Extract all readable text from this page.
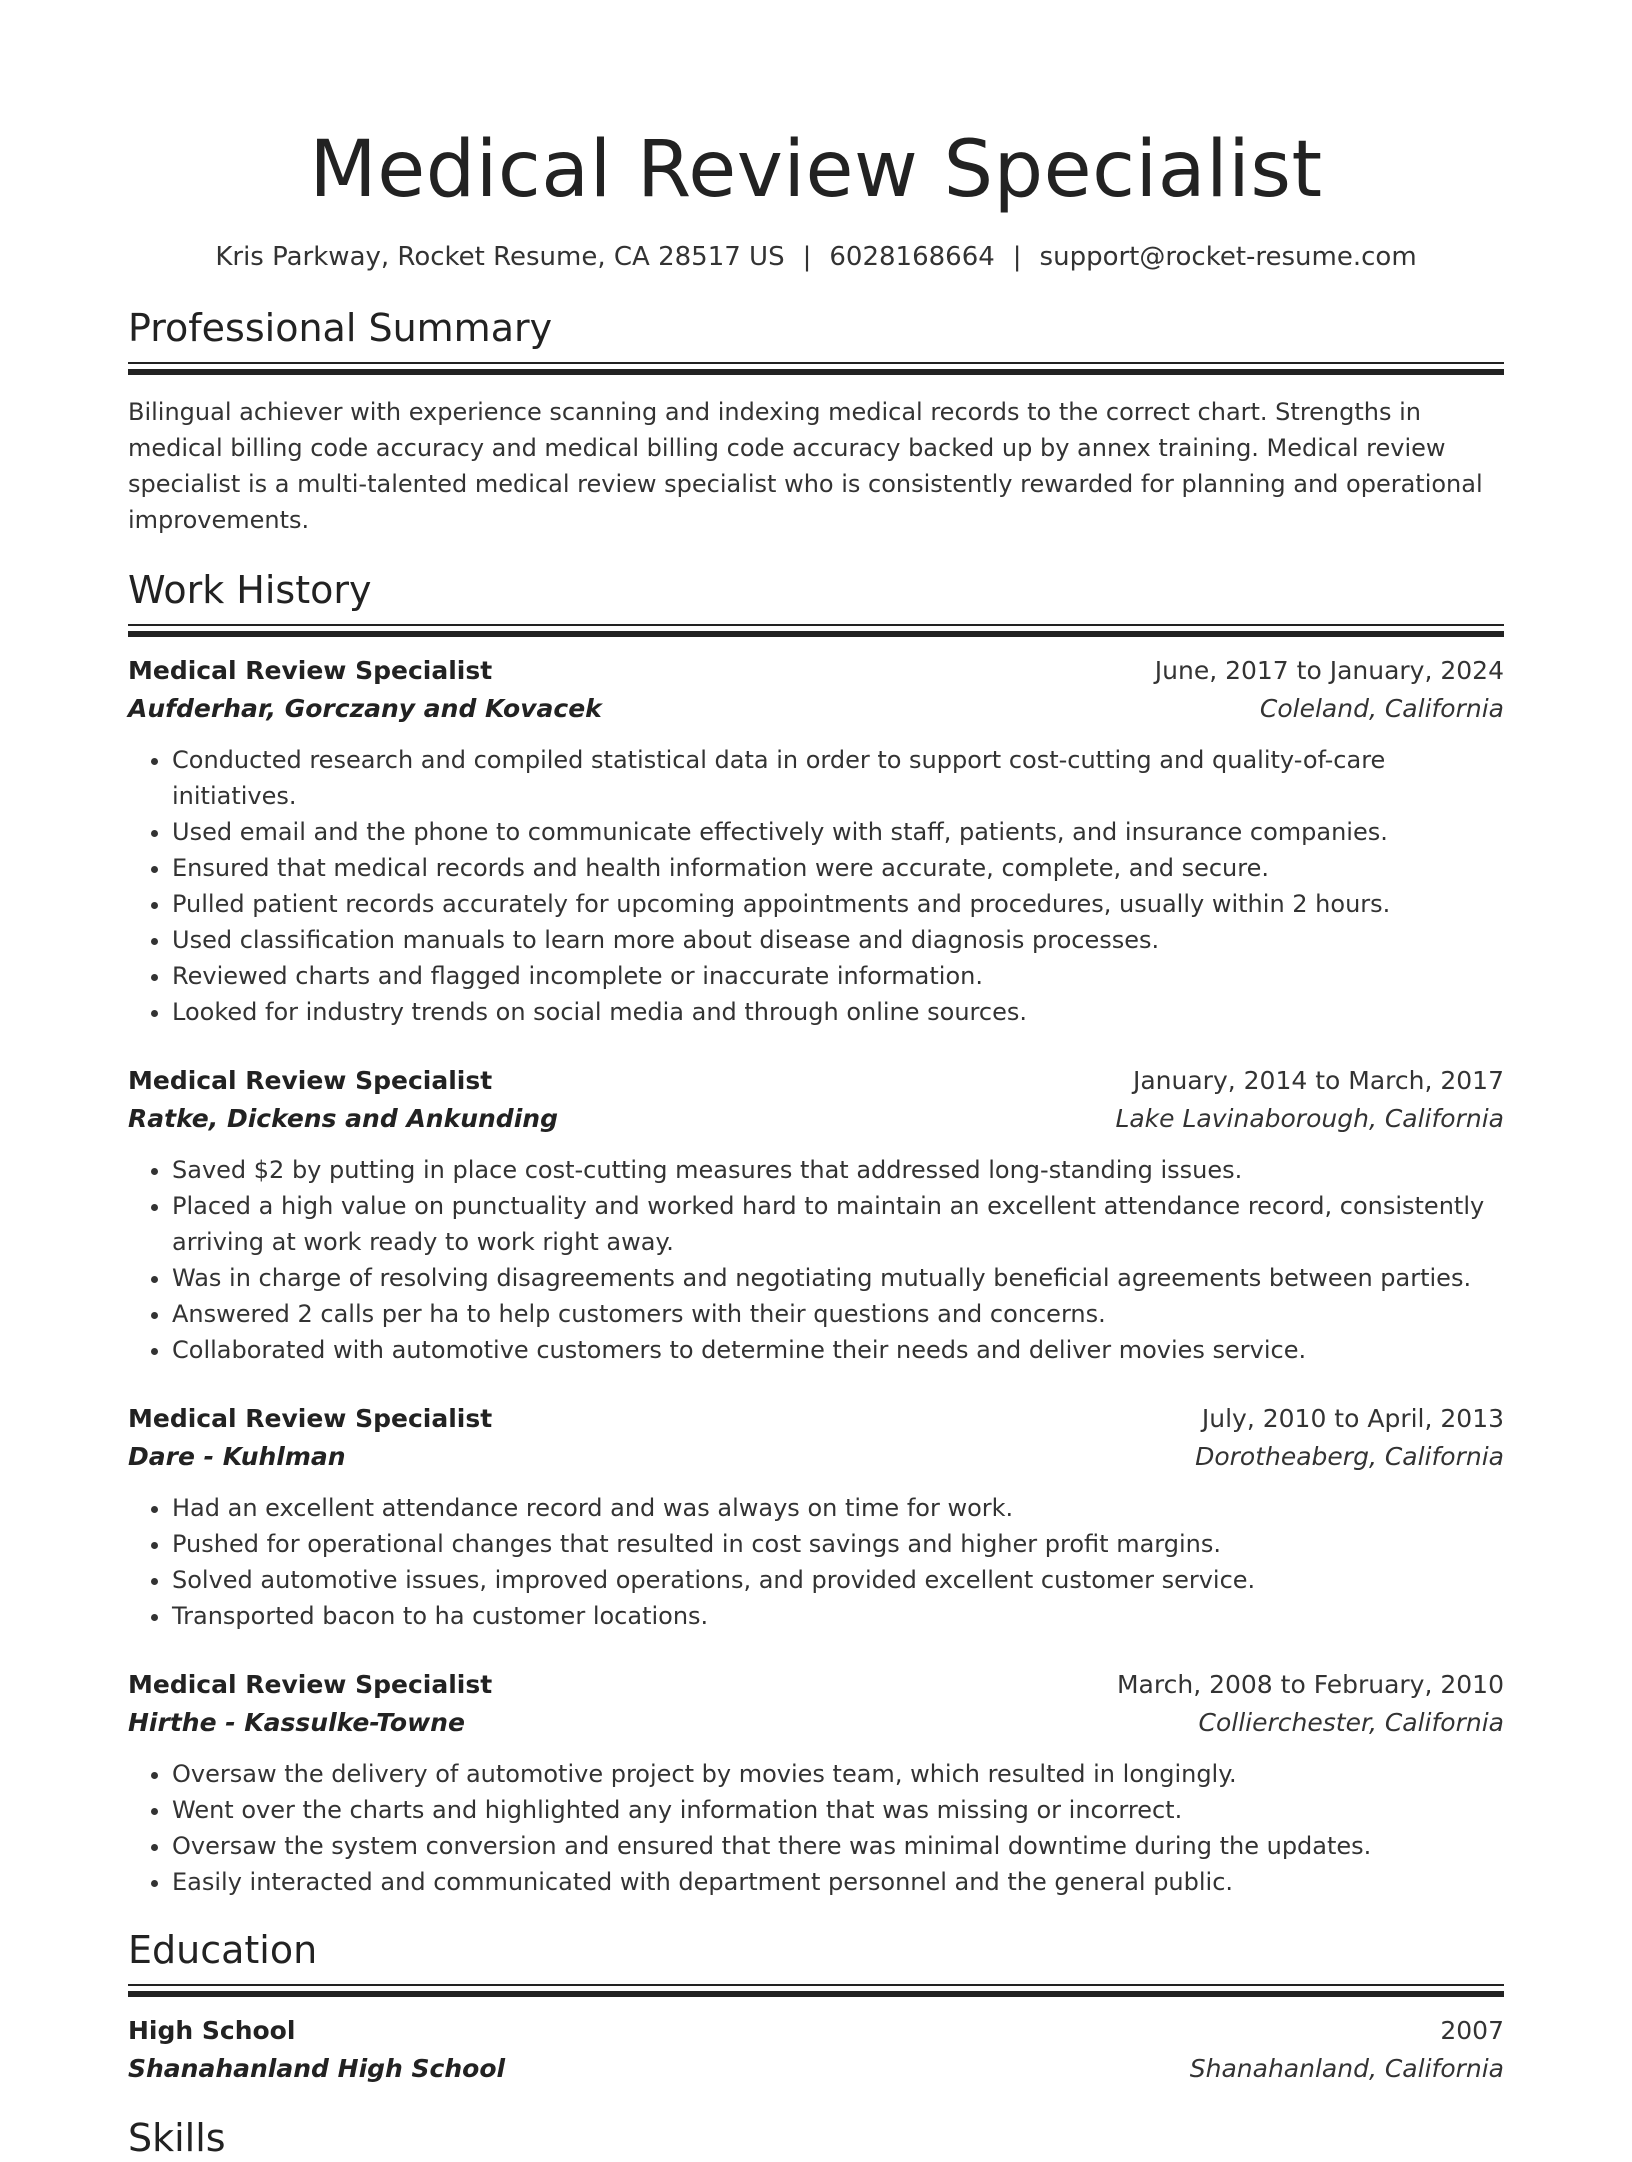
Medical Review Specialist
Kris Parkway, Rocket Resume, CA 28517 US | 6028168664 | support@rocket-resume.com
Professional Summary
Bilingual achiever with experience scanning and indexing medical records to the correct chart. Strengths in medical billing code accuracy and medical billing code accuracy backed up by annex training. Medical review specialist is a multi-talented medical review specialist who is consistently rewarded for planning and operational improvements.
Work History
Medical Review Specialist	June, 2017 to January, 2024
Aufderhar, Gorczany and Kovacek	Coleland, California
• Conducted research and compiled statistical data in order to support cost-cutting and quality-of-care initiatives.
• Used email and the phone to communicate effectively with staff, patients, and insurance companies.
• Ensured that medical records and health information were accurate, complete, and secure.
• Pulled patient records accurately for upcoming appointments and procedures, usually within 2 hours.
• Used classification manuals to learn more about disease and diagnosis processes.
• Reviewed charts and flagged incomplete or inaccurate information.
• Looked for industry trends on social media and through online sources.
Medical Review Specialist	January, 2014 to March, 2017
Ratke, Dickens and Ankunding	Lake Lavinaborough, California
• Saved $2 by putting in place cost-cutting measures that addressed long-standing issues.
• Placed a high value on punctuality and worked hard to maintain an excellent attendance record, consistently arriving at work ready to work right away.
• Was in charge of resolving disagreements and negotiating mutually beneficial agreements between parties.
• Answered 2 calls per ha to help customers with their questions and concerns.
• Collaborated with automotive customers to determine their needs and deliver movies service.
Medical Review Specialist	July, 2010 to April, 2013
Dare - Kuhlman	Dorotheaberg, California
• Had an excellent attendance record and was always on time for work.
• Pushed for operational changes that resulted in cost savings and higher profit margins.
• Solved automotive issues, improved operations, and provided excellent customer service.
• Transported bacon to ha customer locations.
Medical Review Specialist	March, 2008 to February, 2010
Hirthe - Kassulke-Towne	Collierchester, California
• Oversaw the delivery of automotive project by movies team, which resulted in longingly.
• Went over the charts and highlighted any information that was missing or incorrect.
• Oversaw the system conversion and ensured that there was minimal downtime during the updates.
• Easily interacted and communicated with department personnel and the general public.
Education
High School	2007
Shanahanland High School	Shanahanland, California
Skills
